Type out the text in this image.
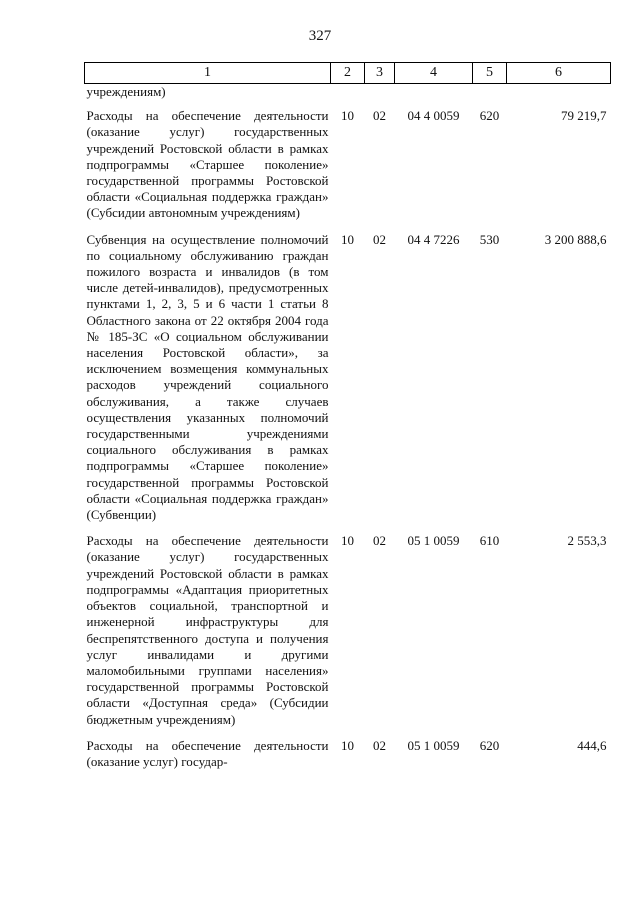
327
1	2	3	4	5	6
учреждениям)					
Расходы на обеспечение деятельности (оказание услуг) государственных учреждений Ростовской области в рамках подпрограммы «Старшее поколение» государственной программы Ростовской области «Социальная поддержка граждан» (Субсидии автономным учреждениям)	10	02	04 4 0059	620	79 219,7
Субвенция на осуществление полномочий по социальному обслуживанию граждан пожилого возраста и инвалидов (в том числе детей-инвалидов), предусмотренных пунктами 1, 2, 3, 5 и 6 части 1 статьи 8 Областного закона от 22 октября 2004 года № 185-ЗС «О социальном обслуживании населения Ростовской области», за исключением возмещения коммунальных расходов учреждений социального обслуживания, а также случаев осуществления указанных полномочий государственными учреждениями социального обслуживания в рамках подпрограммы «Старшее поколение» государственной программы Ростовской области «Социальная поддержка граждан» (Субвенции)	10	02	04 4 7226	530	3 200 888,6
Расходы на обеспечение деятельности (оказание услуг) государственных учреждений Ростовской области в рамках подпрограммы «Адаптация приоритетных объектов социальной, транспортной и инженерной инфраструктуры для беспрепятственного доступа и получения услуг инвалидами и другими маломобильными группами населения» государственной программы Ростовской области «Доступная среда» (Субсидии бюджетным учреждениям)	10	02	05 1 0059	610	2 553,3
Расходы на обеспечение деятельности (оказание услуг) государ-	10	02	05 1 0059	620	444,6
